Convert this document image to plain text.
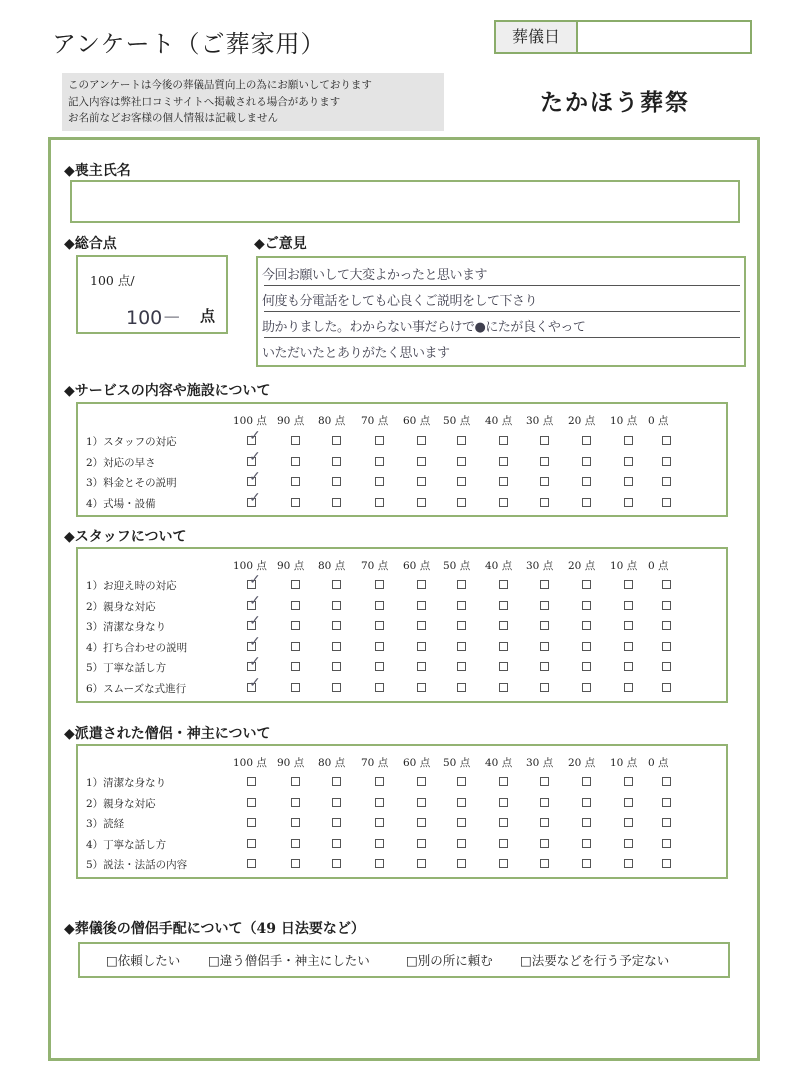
アンケート（ご葬家用）	葬儀日
このアンケートは今後の葬儀品質向上の為にお願いしております
記入内容は弊社口コミサイトへ掲載される場合があります
お名前などお客様の個人情報は記載しません
たかほう葬祭
◆喪主氏名
◆総合点
100 点/
100－ 点
◆ご意見
今回お願いして大変よかったと思います
何度も分電話をしても心良くご説明をして下さり
助かりました。わからない事だらけで●にたが良くやって
いただいたとありがたく思います
◆サービスの内容や施設について
100 点 90 点 80 点 70 点 60 点 50 点 40 点 30 点 20 点 10 点 0 点
1）スタッフの対応
✓
2）対応の早さ
✓
3）料金とその説明
✓
4）式場・設備
✓
◆スタッフについて
100 点 90 点 80 点 70 点 60 点 50 点 40 点 30 点 20 点 10 点 0 点
1）お迎え時の対応
✓
2）親身な対応
✓
3）清潔な身なり
✓
4）打ち合わせの説明
✓
5）丁寧な話し方
✓
6）スムーズな式進行
✓
◆派遣された僧侶・神主について
100 点 90 点 80 点 70 点 60 点 50 点 40 点 30 点 20 点 10 点 0 点
1）清潔な身なり
2）親身な対応
3）読経
4）丁寧な話し方
5）説法・法話の内容
◆葬儀後の僧侶手配について（49 日法要など）
□依頼したい □違う僧侶手・神主にしたい	□別の所に頼む □法要などを行う予定ない
